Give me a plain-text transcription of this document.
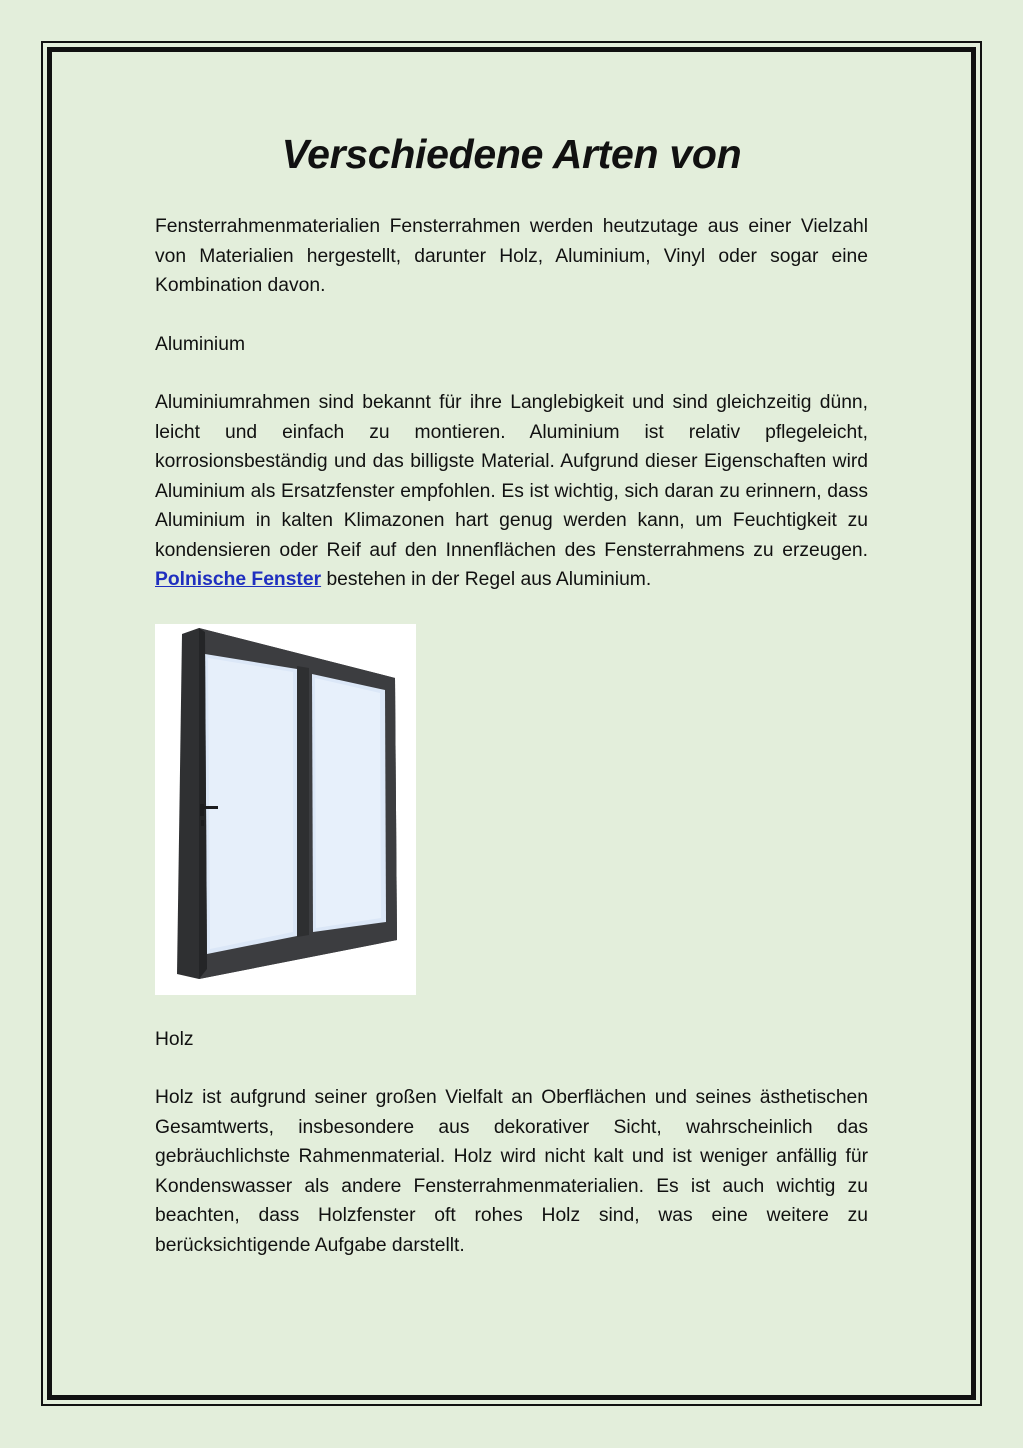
Verschiedene Arten von

Fensterrahmenmaterialien Fensterrahmen werden heutzutage aus einer Vielzahl von Materialien hergestellt, darunter Holz, Aluminium, Vinyl oder sogar eine Kombination davon.

Aluminium

Aluminiumrahmen sind bekannt für ihre Langlebigkeit und sind gleichzeitig dünn, leicht und einfach zu montieren. Aluminium ist relativ pflegeleicht, korrosionsbeständig und das billigste Material. Aufgrund dieser Eigenschaften wird Aluminium als Ersatzfenster empfohlen. Es ist wichtig, sich daran zu erinnern, dass Aluminium in kalten Klimazonen hart genug werden kann, um Feuchtigkeit zu kondensieren oder Reif auf den Innenflächen des Fensterrahmens zu erzeugen. Polnische Fenster bestehen in der Regel aus Aluminium.

Holz

Holz ist aufgrund seiner großen Vielfalt an Oberflächen und seines ästhetischen Gesamtwerts, insbesondere aus dekorativer Sicht, wahrscheinlich das gebräuchlichste Rahmenmaterial. Holz wird nicht kalt und ist weniger anfällig für Kondenswasser als andere Fensterrahmenmaterialien. Es ist auch wichtig zu beachten, dass Holzfenster oft rohes Holz sind, was eine weitere zu berücksichtigende Aufgabe darstellt.
